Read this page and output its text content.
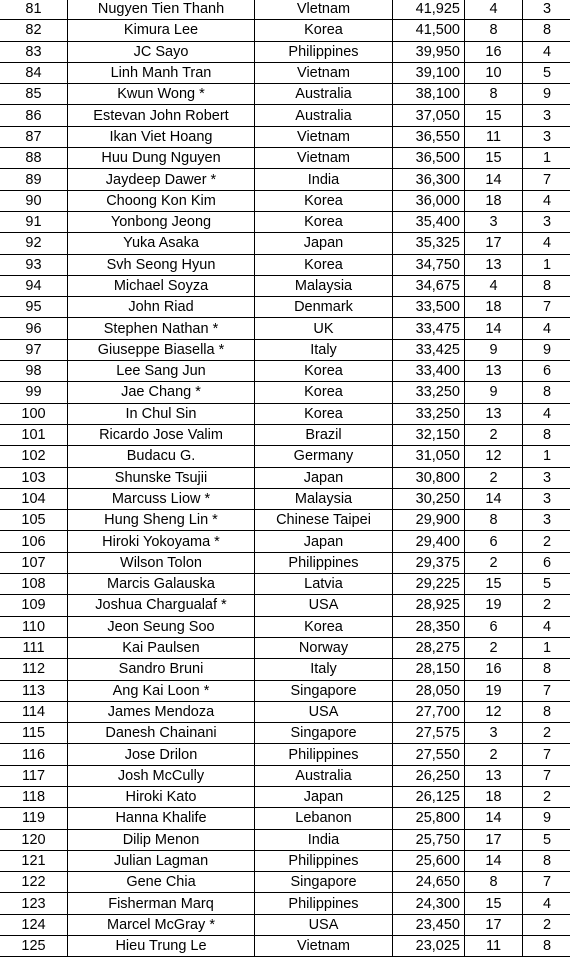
81	Nugyen Tien Thanh	Vletnam	41,925	4	3
82	Kimura Lee	Korea	41,500	8	8
83	JC Sayo	Philippines	39,950	16	4
84	Linh Manh Tran	Vietnam	39,100	10	5
85	Kwun Wong *	Australia	38,100	8	9
86	Estevan John Robert	Australia	37,050	15	3
87	Ikan Viet Hoang	Vietnam	36,550	11	3
88	Huu Dung Nguyen	Vietnam	36,500	15	1
89	Jaydeep Dawer *	India	36,300	14	7
90	Choong Kon Kim	Korea	36,000	18	4
91	Yonbong Jeong	Korea	35,400	3	3
92	Yuka Asaka	Japan	35,325	17	4
93	Svh Seong Hyun	Korea	34,750	13	1
94	Michael Soyza	Malaysia	34,675	4	8
95	John Riad	Denmark	33,500	18	7
96	Stephen Nathan *	UK	33,475	14	4
97	Giuseppe Biasella *	Italy	33,425	9	9
98	Lee Sang Jun	Korea	33,400	13	6
99	Jae Chang *	Korea	33,250	9	8
100	In Chul Sin	Korea	33,250	13	4
101	Ricardo Jose Valim	Brazil	32,150	2	8
102	Budacu G.	Germany	31,050	12	1
103	Shunske Tsujii	Japan	30,800	2	3
104	Marcuss Liow *	Malaysia	30,250	14	3
105	Hung Sheng Lin *	Chinese Taipei	29,900	8	3
106	Hiroki Yokoyama *	Japan	29,400	6	2
107	Wilson Tolon	Philippines	29,375	2	6
108	Marcis Galauska	Latvia	29,225	15	5
109	Joshua Chargualaf *	USA	28,925	19	2
110	Jeon Seung Soo	Korea	28,350	6	4
111	Kai Paulsen	Norway	28,275	2	1
112	Sandro Bruni	Italy	28,150	16	8
113	Ang Kai Loon *	Singapore	28,050	19	7
114	James Mendoza	USA	27,700	12	8
115	Danesh Chainani	Singapore	27,575	3	2
116	Jose Drilon	Philippines	27,550	2	7
117	Josh McCully	Australia	26,250	13	7
118	Hiroki Kato	Japan	26,125	18	2
119	Hanna Khalife	Lebanon	25,800	14	9
120	Dilip Menon	India	25,750	17	5
121	Julian Lagman	Philippines	25,600	14	8
122	Gene Chia	Singapore	24,650	8	7
123	Fisherman Marq	Philippines	24,300	15	4
124	Marcel McGray *	USA	23,450	17	2
125	Hieu Trung Le	Vietnam	23,025	11	8
